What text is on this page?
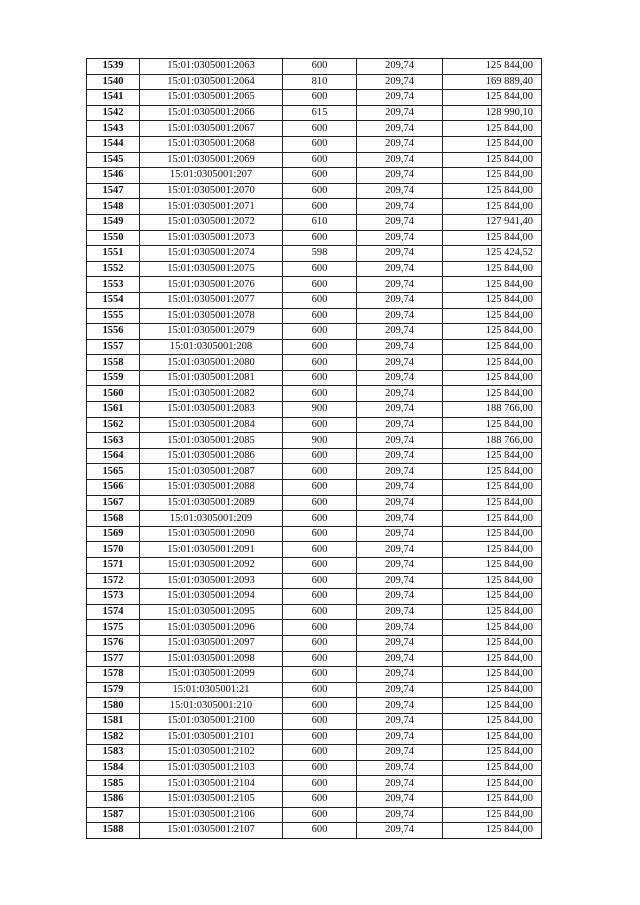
1539	15:01:0305001:2063	600	209,74	125 844,00
1540	15:01:0305001:2064	810	209,74	169 889,40
1541	15:01:0305001:2065	600	209,74	125 844,00
1542	15:01:0305001:2066	615	209,74	128 990,10
1543	15:01:0305001:2067	600	209,74	125 844,00
1544	15:01:0305001:2068	600	209,74	125 844,00
1545	15:01:0305001:2069	600	209,74	125 844,00
1546	15:01:0305001:207	600	209,74	125 844,00
1547	15:01:0305001:2070	600	209,74	125 844,00
1548	15:01:0305001:2071	600	209,74	125 844,00
1549	15:01:0305001:2072	610	209,74	127 941,40
1550	15:01:0305001:2073	600	209,74	125 844,00
1551	15:01:0305001:2074	598	209,74	125 424,52
1552	15:01:0305001:2075	600	209,74	125 844,00
1553	15:01:0305001:2076	600	209,74	125 844,00
1554	15:01:0305001:2077	600	209,74	125 844,00
1555	15:01:0305001:2078	600	209,74	125 844,00
1556	15:01:0305001:2079	600	209,74	125 844,00
1557	15:01:0305001:208	600	209,74	125 844,00
1558	15:01:0305001:2080	600	209,74	125 844,00
1559	15:01:0305001:2081	600	209,74	125 844,00
1560	15:01:0305001:2082	600	209,74	125 844,00
1561	15:01:0305001:2083	900	209,74	188 766,00
1562	15:01:0305001:2084	600	209,74	125 844,00
1563	15:01:0305001:2085	900	209,74	188 766,00
1564	15:01:0305001:2086	600	209,74	125 844,00
1565	15:01:0305001:2087	600	209,74	125 844,00
1566	15:01:0305001:2088	600	209,74	125 844,00
1567	15:01:0305001:2089	600	209,74	125 844,00
1568	15:01:0305001:209	600	209,74	125 844,00
1569	15:01:0305001:2090	600	209,74	125 844,00
1570	15:01:0305001:2091	600	209,74	125 844,00
1571	15:01:0305001:2092	600	209,74	125 844,00
1572	15:01:0305001:2093	600	209,74	125 844,00
1573	15:01:0305001:2094	600	209,74	125 844,00
1574	15:01:0305001:2095	600	209,74	125 844,00
1575	15:01:0305001:2096	600	209,74	125 844,00
1576	15:01:0305001:2097	600	209,74	125 844,00
1577	15:01:0305001:2098	600	209,74	125 844,00
1578	15:01:0305001:2099	600	209,74	125 844,00
1579	15:01:0305001:21	600	209,74	125 844,00
1580	15:01:0305001:210	600	209,74	125 844,00
1581	15:01:0305001:2100	600	209,74	125 844,00
1582	15:01:0305001:2101	600	209,74	125 844,00
1583	15:01:0305001:2102	600	209,74	125 844,00
1584	15:01:0305001:2103	600	209,74	125 844,00
1585	15:01:0305001:2104	600	209,74	125 844,00
1586	15:01:0305001:2105	600	209,74	125 844,00
1587	15:01:0305001:2106	600	209,74	125 844,00
1588	15:01:0305001:2107	600	209,74	125 844,00
